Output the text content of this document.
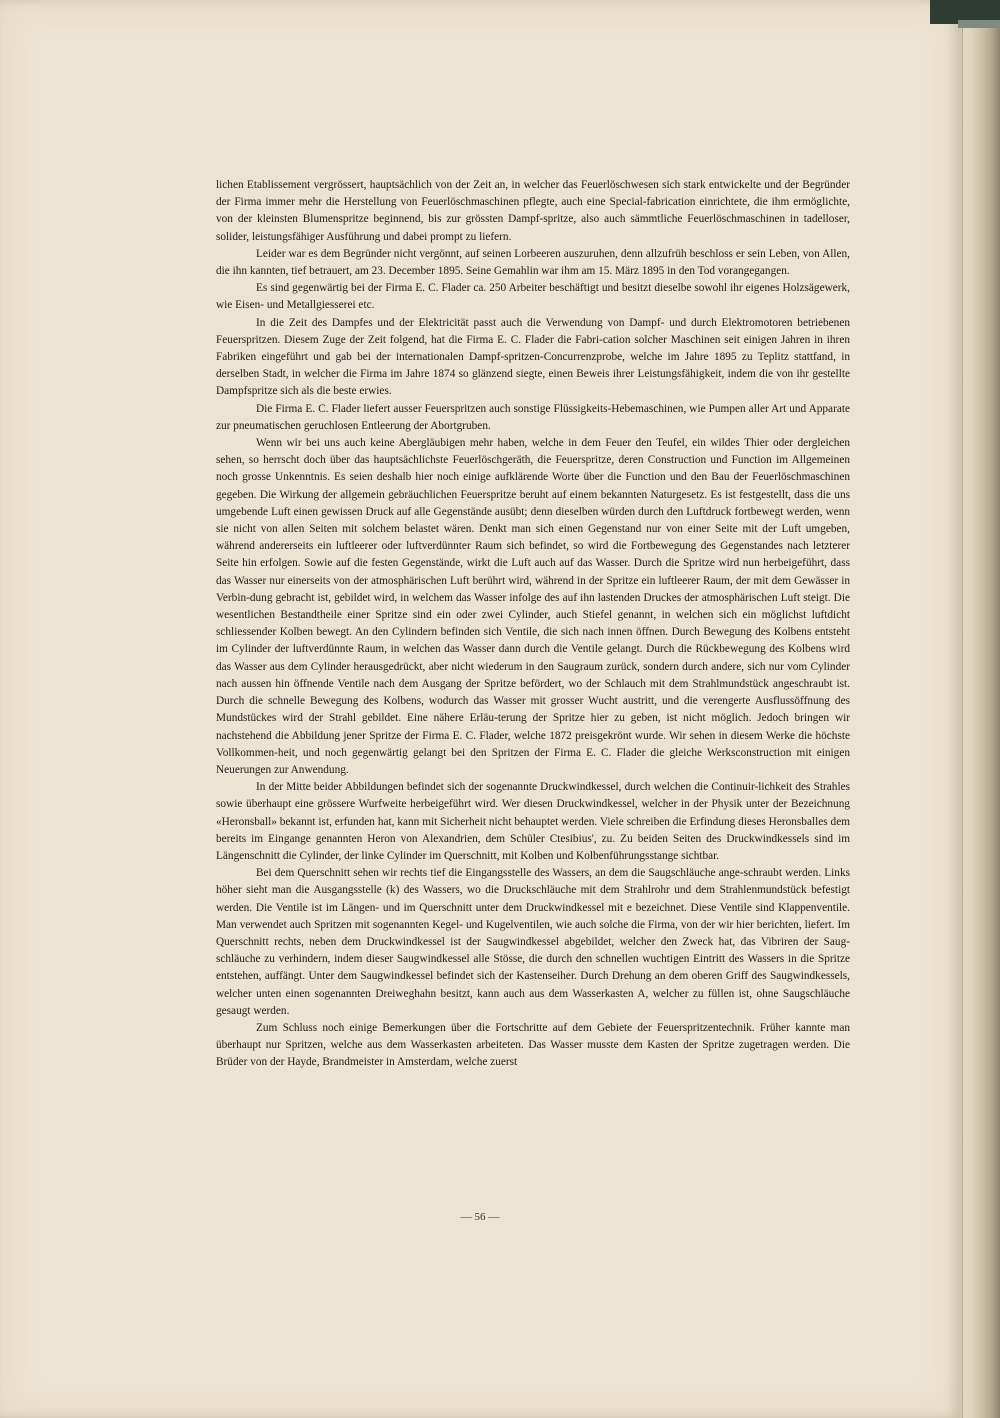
lichen Etablissement vergrössert, hauptsächlich von der Zeit an, in welcher das Feuerlöschwesen sich stark entwickelte und der Begründer der Firma immer mehr die Herstellung von Feuerlöschmaschinen pflegte, auch eine Special-fabrication einrichtete, die ihm ermöglichte, von der kleinsten Blumenspritze beginnend, bis zur grössten Dampf-spritze, also auch sämmtliche Feuerlöschmaschinen in tadelloser, solider, leistungsfähiger Ausführung und dabei prompt zu liefern.

Leider war es dem Begründer nicht vergönnt, auf seinen Lorbeeren auszuruhen, denn allzufrüh beschloss er sein Leben, von Allen, die ihn kannten, tief betrauert, am 23. December 1895. Seine Gemahlin war ihm am 15. März 1895 in den Tod vorangegangen.

Es sind gegenwärtig bei der Firma E. C. Flader ca. 250 Arbeiter beschäftigt und besitzt dieselbe sowohl ihr eigenes Holzsägewerk, wie Eisen- und Metallgiesserei etc.

In die Zeit des Dampfes und der Elektricität passt auch die Verwendung von Dampf- und durch Elektromotoren betriebenen Feuerspritzen. Diesem Zuge der Zeit folgend, hat die Firma E. C. Flader die Fabri-cation solcher Maschinen seit einigen Jahren in ihren Fabriken eingeführt und gab bei der internationalen Dampf-spritzen-Concurrenzprobe, welche im Jahre 1895 zu Teplitz stattfand, in derselben Stadt, in welcher die Firma im Jahre 1874 so glänzend siegte, einen Beweis ihrer Leistungsfähigkeit, indem die von ihr gestellte Dampfspritze sich als die beste erwies.

Die Firma E. C. Flader liefert ausser Feuerspritzen auch sonstige Flüssigkeits-Hebemaschinen, wie Pumpen aller Art und Apparate zur pneumatischen geruchlosen Entleerung der Abortgruben.

Wenn wir bei uns auch keine Abergläubigen mehr haben, welche in dem Feuer den Teufel, ein wildes Thier oder dergleichen sehen, so herrscht doch über das hauptsächlichste Feuerlöschgeräth, die Feuerspritze, deren Construction und Function im Allgemeinen noch grosse Unkenntnis. Es seien deshalb hier noch einige aufklärende Worte über die Function und den Bau der Feuerlöschmaschinen gegeben. Die Wirkung der allgemein gebräuchlichen Feuerspritze beruht auf einem bekannten Naturgesetz. Es ist festgestellt, dass die uns umgebende Luft einen gewissen Druck auf alle Gegenstände ausübt; denn dieselben würden durch den Luftdruck fortbewegt werden, wenn sie nicht von allen Seiten mit solchem belastet wären. Denkt man sich einen Gegenstand nur von einer Seite mit der Luft umgeben, während andererseits ein luftleerer oder luftverdünnter Raum sich befindet, so wird die Fortbewegung des Gegenstandes nach letzterer Seite hin erfolgen. Sowie auf die festen Gegenstände, wirkt die Luft auch auf das Wasser. Durch die Spritze wird nun herbeigeführt, dass das Wasser nur einerseits von der atmosphärischen Luft berührt wird, während in der Spritze ein luftleerer Raum, der mit dem Gewässer in Verbin-dung gebracht ist, gebildet wird, in welchem das Wasser infolge des auf ihn lastenden Druckes der atmosphärischen Luft steigt. Die wesentlichen Bestandtheile einer Spritze sind ein oder zwei Cylinder, auch Stiefel genannt, in welchen sich ein möglichst luftdicht schliessender Kolben bewegt. An den Cylindern befinden sich Ventile, die sich nach innen öffnen. Durch Bewegung des Kolbens entsteht im Cylinder der luftverdünnte Raum, in welchen das Wasser dann durch die Ventile gelangt. Durch die Rückbewegung des Kolbens wird das Wasser aus dem Cylinder herausgedrückt, aber nicht wiederum in den Saugraum zurück, sondern durch andere, sich nur vom Cylinder nach aussen hin öffnende Ventile nach dem Ausgang der Spritze befördert, wo der Schlauch mit dem Strahlmundstück angeschraubt ist. Durch die schnelle Bewegung des Kolbens, wodurch das Wasser mit grosser Wucht austritt, und die verengerte Ausflussöffnung des Mundstückes wird der Strahl gebildet. Eine nähere Erläu-terung der Spritze hier zu geben, ist nicht möglich. Jedoch bringen wir nachstehend die Abbildung jener Spritze der Firma E. C. Flader, welche 1872 preisgekrönt wurde. Wir sehen in diesem Werke die höchste Vollkommen-heit, und noch gegenwärtig gelangt bei den Spritzen der Firma E. C. Flader die gleiche Werksconstruction mit einigen Neuerungen zur Anwendung.

In der Mitte beider Abbildungen befindet sich der sogenannte Druckwindkessel, durch welchen die Continuir-lichkeit des Strahles sowie überhaupt eine grössere Wurfweite herbeigeführt wird. Wer diesen Druckwindkessel, welcher in der Physik unter der Bezeichnung «Heronsball» bekannt ist, erfunden hat, kann mit Sicherheit nicht behauptet werden. Viele schreiben die Erfindung dieses Heronsballes dem bereits im Eingange genannten Heron von Alexandrien, dem Schüler Ctesibius', zu. Zu beiden Seiten des Druckwindkessels sind im Längenschnitt die Cylinder, der linke Cylinder im Querschnitt, mit Kolben und Kolbenführungsstange sichtbar.

Bei dem Querschnitt sehen wir rechts tief die Eingangsstelle des Wassers, an dem die Saugschläuche ange-schraubt werden. Links höher sieht man die Ausgangsstelle (k) des Wassers, wo die Druckschläuche mit dem Strahlrohr und dem Strahlenmundstück befestigt werden. Die Ventile ist im Längen- und im Querschnitt unter dem Druckwindkessel mit e bezeichnet. Diese Ventile sind Klappenventile. Man verwendet auch Spritzen mit sogenannten Kegel- und Kugelventilen, wie auch solche die Firma, von der wir hier berichten, liefert. Im Querschnitt rechts, neben dem Druckwindkessel ist der Saugwindkessel abgebildet, welcher den Zweck hat, das Vibriren der Saug-schläuche zu verhindern, indem dieser Saugwindkessel alle Stösse, die durch den schnellen wuchtigen Eintritt des Wassers in die Spritze entstehen, auffängt. Unter dem Saugwindkessel befindet sich der Kastenseiher. Durch Drehung an dem oberen Griff des Saugwindkessels, welcher unten einen sogenannten Dreiweghahn besitzt, kann auch aus dem Wasserkasten A, welcher zu füllen ist, ohne Saugschläuche gesaugt werden.

Zum Schluss noch einige Bemerkungen über die Fortschritte auf dem Gebiete der Feuerspritzentechnik. Früher kannte man überhaupt nur Spritzen, welche aus dem Wasserkasten arbeiteten. Das Wasser musste dem Kasten der Spritze zugetragen werden. Die Brüder von der Hayde, Brandmeister in Amsterdam, welche zuerst

— 56 —
